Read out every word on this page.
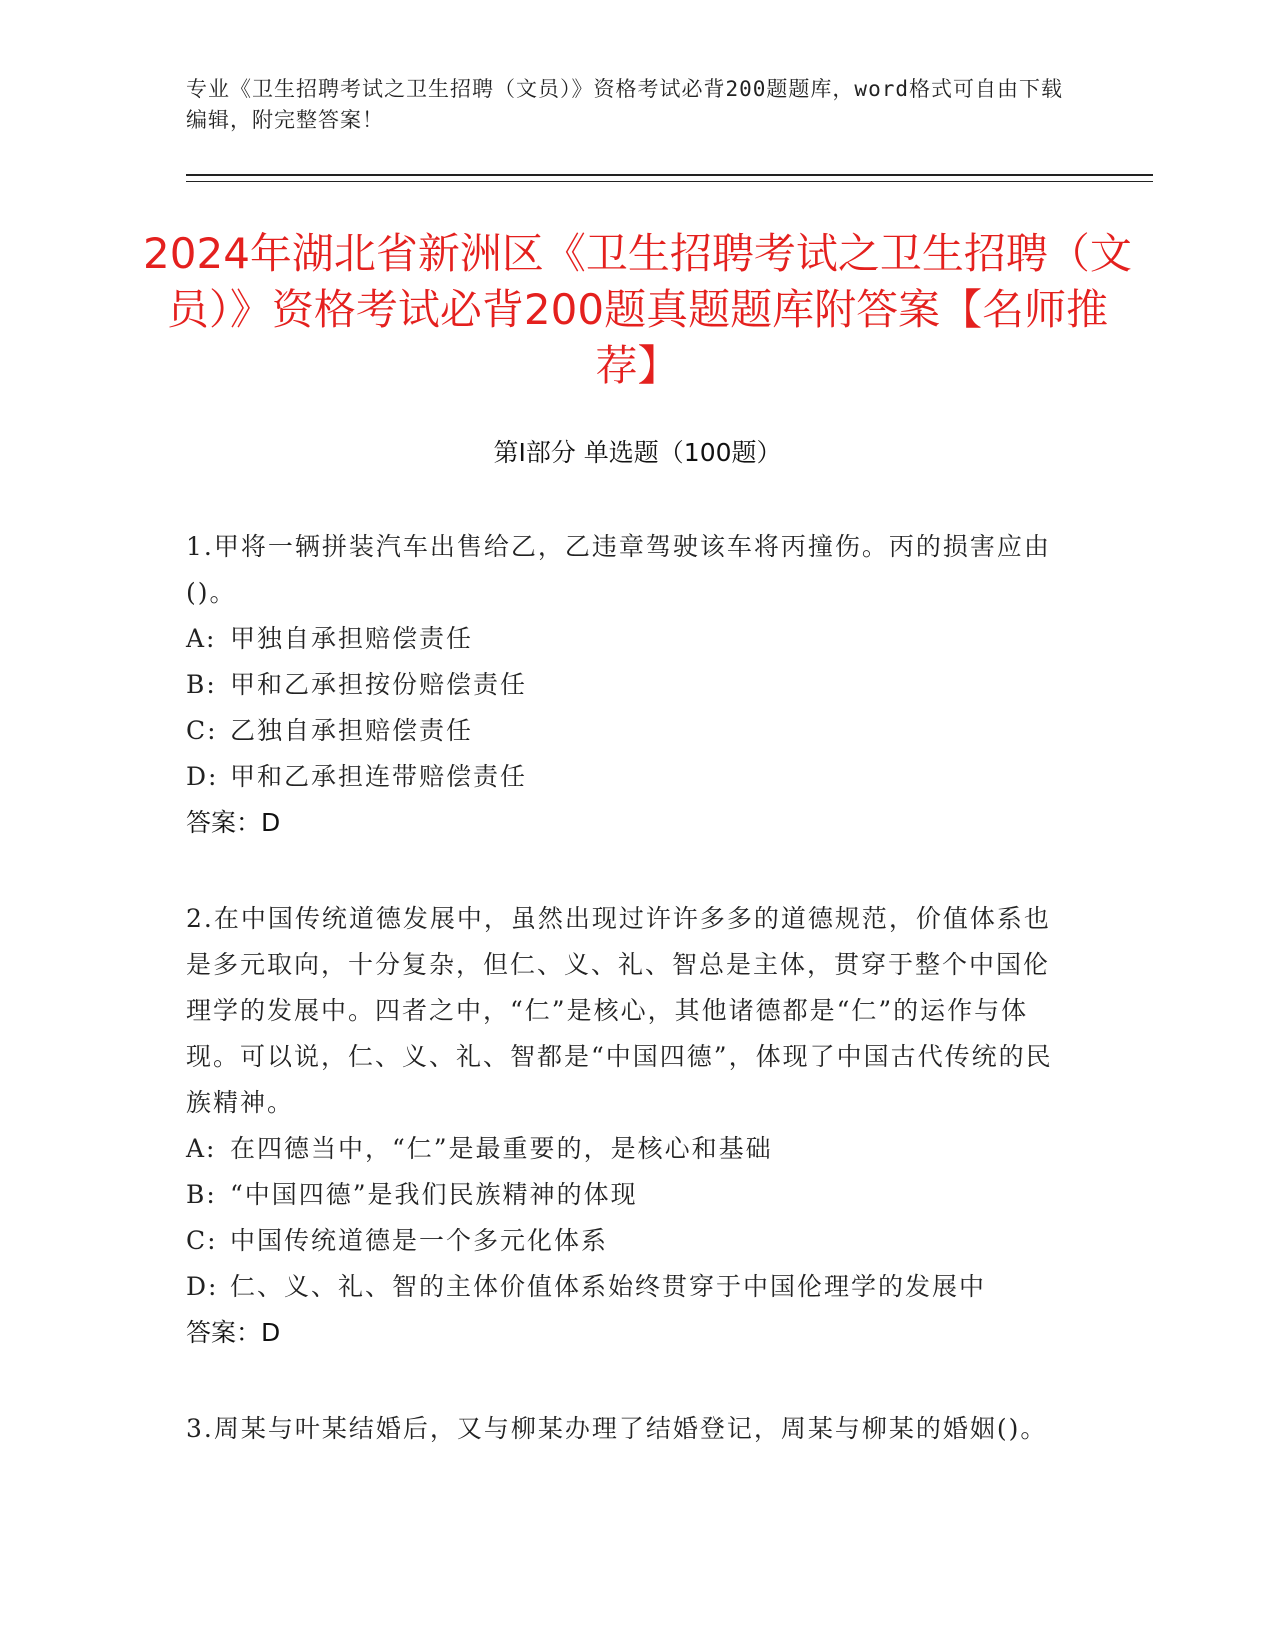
专业《卫生招聘考试之卫生招聘（文员）》资格考试必背200题题库，word格式可自由下载编辑，附完整答案！
2024年湖北省新洲区《卫生招聘考试之卫生招聘（文员）》资格考试必背200题真题题库附答案【名师推荐】
第Ⅰ部分 单选题（100题）

1.甲将一辆拼装汽车出售给乙，乙违章驾驶该车将丙撞伤。丙的损害应由()。

A: 甲独自承担赔偿责任

B: 甲和乙承担按份赔偿责任

C: 乙独自承担赔偿责任

D: 甲和乙承担连带赔偿责任

答案：D

2.在中国传统道德发展中，虽然出现过许许多多的道德规范，价值体系也是多元取向，十分复杂，但仁、义、礼、智总是主体，贯穿于整个中国伦理学的发展中。四者之中，“仁”是核心，其他诸德都是“仁”的运作与体现。可以说，仁、义、礼、智都是“中国四德”，体现了中国古代传统的民族精神。

A: 在四德当中，“仁”是最重要的，是核心和基础

B: “中国四德”是我们民族精神的体现

C: 中国传统道德是一个多元化体系

D: 仁、义、礼、智的主体价值体系始终贯穿于中国伦理学的发展中

答案：D

3.周某与叶某结婚后，又与柳某办理了结婚登记，周某与柳某的婚姻()。
